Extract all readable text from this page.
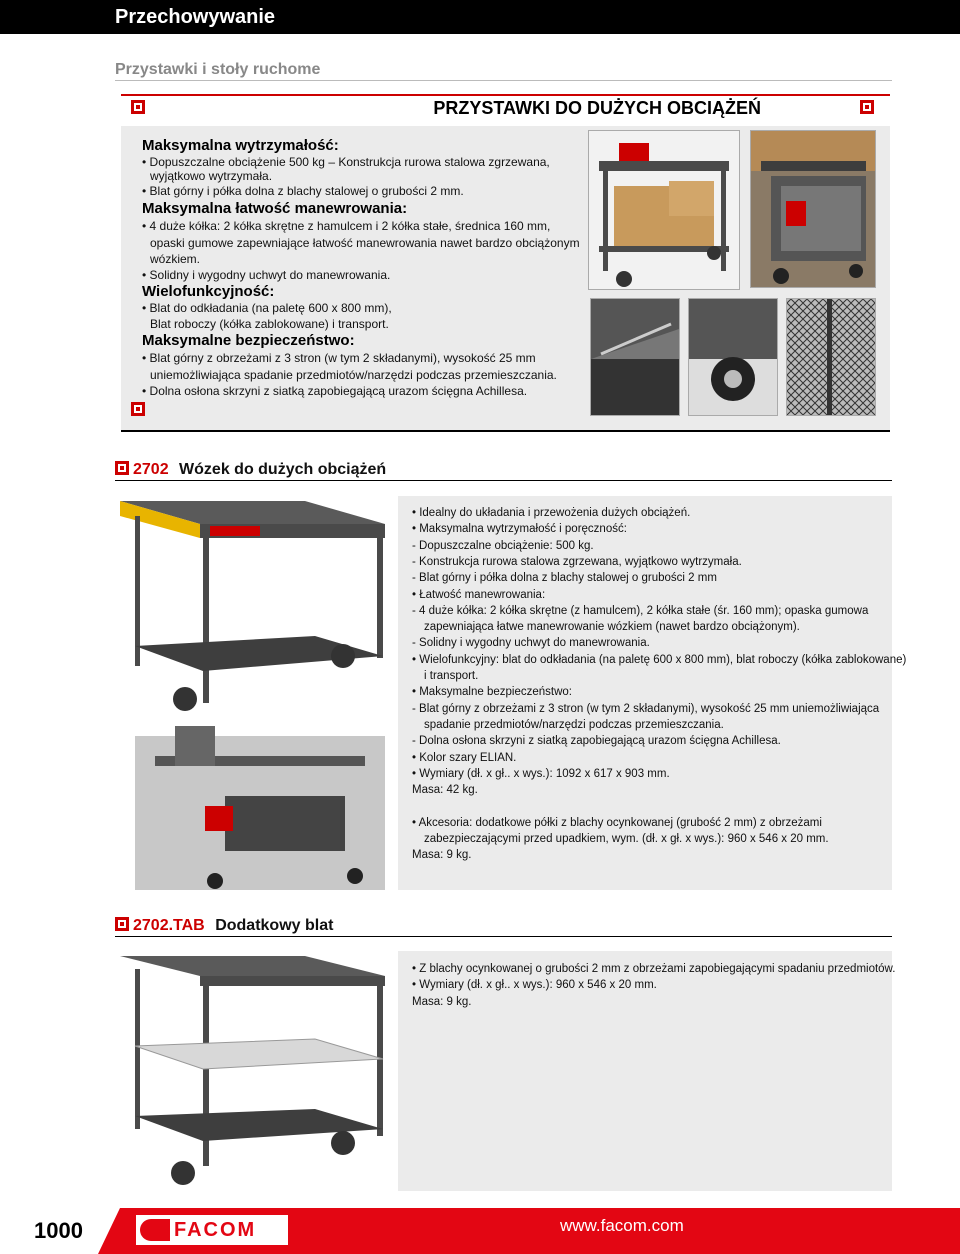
Przechowywanie
Przystawki i stoły ruchome
PRZYSTAWKI DO DUŻYCH OBCIĄŻEŃ
Maksymalna wytrzymałość:
• Dopuszczalne obciążenie 500 kg – Konstrukcja rurowa stalowa zgrzewana,
wyjątkowo wytrzymała.
• Blat górny i półka dolna z blachy stalowej o grubości 2 mm.
Maksymalna łatwość manewrowania:
• 4 duże kółka: 2 kółka skrętne z hamulcem i 2 kółka stałe, średnica 160 mm,
opaski gumowe zapewniające łatwość manewrowania nawet bardzo obciążonym
wózkiem.
• Solidny i wygodny uchwyt do manewrowania.
Wielofunkcyjność:
• Blat do odkładania (na paletę 600 x 800 mm),
Blat roboczy (kółka zablokowane) i transport.
Maksymalne bezpieczeństwo:
• Blat górny z obrzeżami z 3 stron (w tym 2 składanymi), wysokość 25 mm
uniemożliwiająca spadanie przedmiotów/narzędzi podczas przemieszczania.
• Dolna osłona skrzyni z siatką zapobiegającą urazom ścięgna Achillesa.
2702 Wózek do dużych obciążeń
• Idealny do układania i przewożenia dużych obciążeń.
• Maksymalna wytrzymałość i poręczność:
- Dopuszczalne obciążenie: 500 kg.
- Konstrukcja rurowa stalowa zgrzewana, wyjątkowo wytrzymała.
- Blat górny i półka dolna z blachy stalowej o grubości 2 mm
• Łatwość manewrowania:
- 4 duże kółka: 2 kółka skrętne (z hamulcem), 2 kółka stałe (śr. 160 mm); opaska gumowa
zapewniająca łatwe manewrowanie wózkiem (nawet bardzo obciążonym).
- Solidny i wygodny uchwyt do manewrowania.
• Wielofunkcyjny: blat do odkładania (na paletę 600 x 800 mm), blat roboczy (kółka zablokowane)
i transport.
• Maksymalne bezpieczeństwo:
- Blat górny z obrzeżami z 3 stron (w tym 2 składanymi), wysokość 25 mm uniemożliwiająca
spadanie przedmiotów/narzędzi podczas przemieszczania.
- Dolna osłona skrzyni z siatką zapobiegającą urazom ścięgna Achillesa.
• Kolor szary ELIAN.
• Wymiary (dł. x gł.. x wys.): 1092 x 617 x 903 mm.
Masa: 42 kg.
• Akcesoria: dodatkowe półki z blachy ocynkowanej (grubość 2 mm) z obrzeżami
zabezpieczającymi przed upadkiem, wym. (dł. x gł. x wys.): 960 x 546 x 20 mm.
Masa: 9 kg.
2702.TAB Dodatkowy blat
• Z blachy ocynkowanej o grubości 2 mm z obrzeżami zapobiegającymi spadaniu przedmiotów.
• Wymiary (dł. x gł.. x wys.): 960 x 546 x 20 mm.
Masa: 9 kg.
FACOM
1000	www.facom.com
